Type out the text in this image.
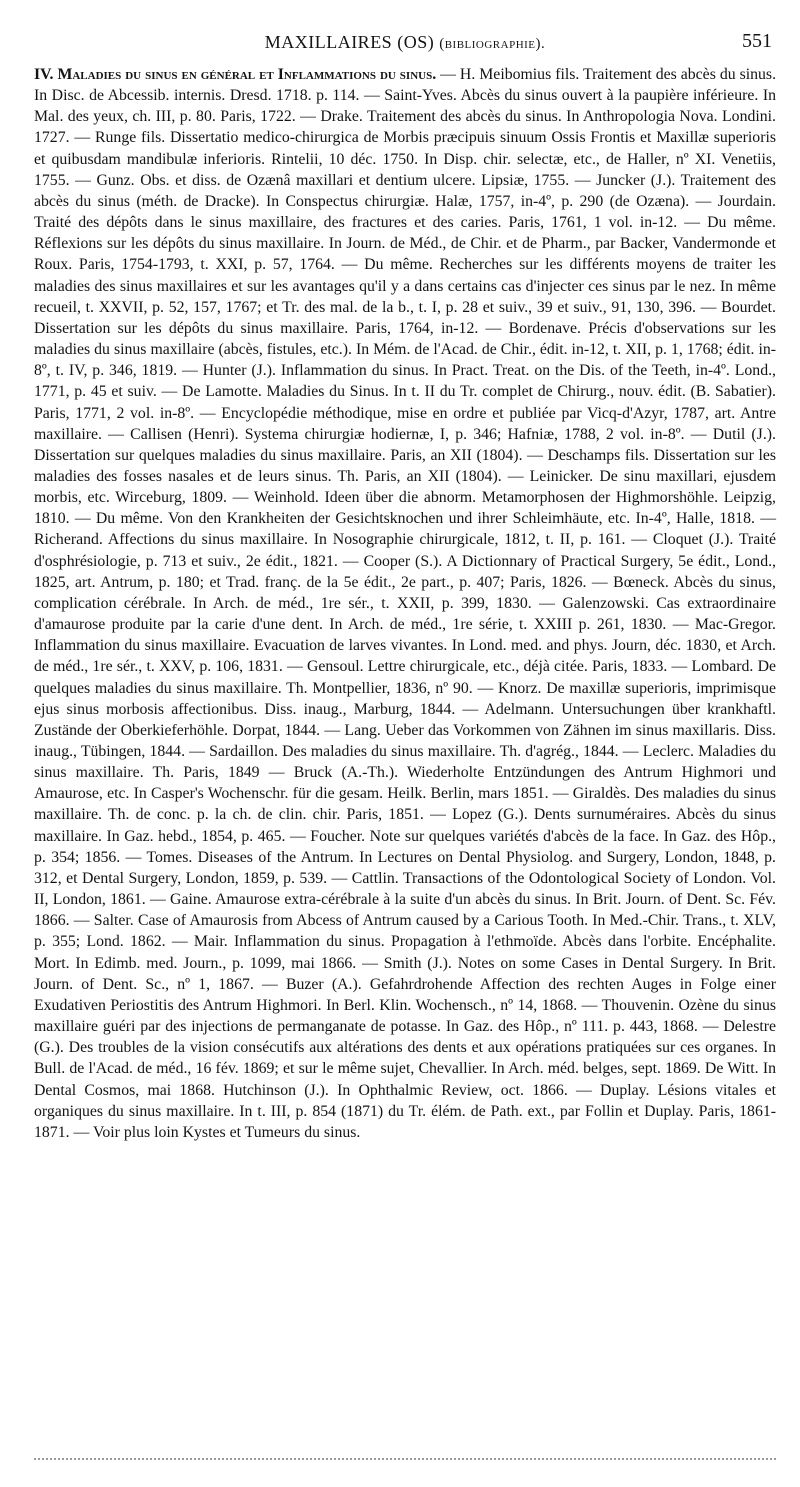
MAXILLAIRES (OS) (bibliographie).	551
IV. Maladies du sinus en général et Inflammations du sinus. — H. Meibomius fils. Traitement des abcès du sinus. In Disc. de Abcessib. internis. Dresd. 1718. p. 114. — Saint-Yves. Abcès du sinus ouvert à la paupière inférieure. In Mal. des yeux, ch. III, p. 80. Paris, 1722. — Drake. Traitement des abcès du sinus. In Anthropologia Nova. Londini. 1727. — Runge fils. Dissertatio medico-chirurgica de Morbis præcipuis sinuum Ossis Frontis et Maxillæ superioris et quibusdam mandibulæ inferioris. Rintelii, 10 déc. 1750. In Disp. chir. selectæ, etc., de Haller, nº XI. Venetiis, 1755. — Gunz. Obs. et diss. de Ozænâ maxillari et dentium ulcere. Lipsiæ, 1755. — Juncker (J.). Traitement des abcès du sinus (méth. de Dracke). In Conspectus chirurgiæ. Halæ, 1757, in-4º, p. 290 (de Ozæna). — Jourdain. Traité des dépôts dans le sinus maxillaire, des fractures et des caries. Paris, 1761, 1 vol. in-12. — Du même. Réflexions sur les dépôts du sinus maxillaire. In Journ. de Méd., de Chir. et de Pharm., par Backer, Vandermonde et Roux. Paris, 1754-1793, t. XXI, p. 57, 1764. — Du même. Recherches sur les différents moyens de traiter les maladies des sinus maxillaires et sur les avantages qu'il y a dans certains cas d'injecter ces sinus par le nez. In même recueil, t. XXVII, p. 52, 157, 1767; et Tr. des mal. de la b., t. I, p. 28 et suiv., 39 et suiv., 91, 130, 396. — Bourdet. Dissertation sur les dépôts du sinus maxillaire. Paris, 1764, in-12. — Bordenave. Précis d'observations sur les maladies du sinus maxillaire (abcès, fistules, etc.). In Mém. de l'Acad. de Chir., édit. in-12, t. XII, p. 1, 1768; édit. in-8º, t. IV, p. 346, 1819. — Hunter (J.). Inflammation du sinus. In Pract. Treat. on the Dis. of the Teeth, in-4º. Lond., 1771, p. 45 et suiv. — De Lamotte. Maladies du Sinus. In t. II du Tr. complet de Chirurg., nouv. édit. (B. Sabatier). Paris, 1771, 2 vol. in-8º. — Encyclopédie méthodique, mise en ordre et publiée par Vicq-d'Azyr, 1787, art. Antre maxillaire. — Callisen (Henri). Systema chirurgiæ hodiernæ, I, p. 346; Hafniæ, 1788, 2 vol. in-8º. — Dutil (J.). Dissertation sur quelques maladies du sinus maxillaire. Paris, an XII (1804). — Deschamps fils. Dissertation sur les maladies des fosses nasales et de leurs sinus. Th. Paris, an XII (1804). — Leinicker. De sinu maxillari, ejusdem morbis, etc. Wirceburg, 1809. — Weinhold. Ideen über die abnorm. Metamorphosen der Highmorshöhle. Leipzig, 1810. — Du même. Von den Krankheiten der Gesichtsknochen und ihrer Schleimhäute, etc. In-4º, Halle, 1818. — Richerand. Affections du sinus maxillaire. In Nosographie chirurgicale, 1812, t. II, p. 161. — Cloquet (J.). Traité d'osphrésiologie, p. 713 et suiv., 2e édit., 1821. — Cooper (S.). A Dictionnary of Practical Surgery, 5e édit., Lond., 1825, art. Antrum, p. 180; et Trad. franç. de la 5e édit., 2e part., p. 407; Paris, 1826. — Bœneck. Abcès du sinus, complication cérébrale. In Arch. de méd., 1re sér., t. XXII, p. 399, 1830. — Galenzowski. Cas extraordinaire d'amaurose produite par la carie d'une dent. In Arch. de méd., 1re série, t. XXIII p. 261, 1830. — Mac-Gregor. Inflammation du sinus maxillaire. Evacuation de larves vivantes. In Lond. med. and phys. Journ, déc. 1830, et Arch. de méd., 1re sér., t. XXV, p. 106, 1831. — Gensoul. Lettre chirurgicale, etc., déjà citée. Paris, 1833. — Lombard. De quelques maladies du sinus maxillaire. Th. Montpellier, 1836, nº 90. — Knorz. De maxillæ superioris, imprimisque ejus sinus morbosis affectionibus. Diss. inaug., Marburg, 1844. — Adelmann. Untersuchungen über krankhaftl. Zustände der Oberkieferhöhle. Dorpat, 1844. — Lang. Ueber das Vorkommen von Zähnen im sinus maxillaris. Diss. inaug., Tübingen, 1844. — Sardaillon. Des maladies du sinus maxillaire. Th. d'agrég., 1844. — Leclerc. Maladies du sinus maxillaire. Th. Paris, 1849 — Bruck (A.-Th.). Wiederholte Entzündungen des Antrum Highmori und Amaurose, etc. In Casper's Wochenschr. für die gesam. Heilk. Berlin, mars 1851. — Giraldès. Des maladies du sinus maxillaire. Th. de conc. p. la ch. de clin. chir. Paris, 1851. — Lopez (G.). Dents surnuméraires. Abcès du sinus maxillaire. In Gaz. hebd., 1854, p. 465. — Foucher. Note sur quelques variétés d'abcès de la face. In Gaz. des Hôp., p. 354; 1856. — Tomes. Diseases of the Antrum. In Lectures on Dental Physiolog. and Surgery, London, 1848, p. 312, et Dental Surgery, London, 1859, p. 539. — Cattlin. Transactions of the Odontological Society of London. Vol. II, London, 1861. — Gaine. Amaurose extra-cérébrale à la suite d'un abcès du sinus. In Brit. Journ. of Dent. Sc. Fév. 1866. — Salter. Case of Amaurosis from Abcess of Antrum caused by a Carious Tooth. In Med.-Chir. Trans., t. XLV, p. 355; Lond. 1862. — Mair. Inflammation du sinus. Propagation à l'ethmoïde. Abcès dans l'orbite. Encéphalite. Mort. In Edimb. med. Journ., p. 1099, mai 1866. — Smith (J.). Notes on some Cases in Dental Surgery. In Brit. Journ. of Dent. Sc., nº 1, 1867. — Buzer (A.). Gefahrdrohende Affection des rechten Auges in Folge einer Exudativen Periostitis des Antrum Highmori. In Berl. Klin. Wochensch., nº 14, 1868. — Thouvenin. Ozène du sinus maxillaire guéri par des injections de permanganate de potasse. In Gaz. des Hôp., nº 111. p. 443, 1868. — Delestre (G.). Des troubles de la vision consécutifs aux altérations des dents et aux opérations pratiquées sur ces organes. In Bull. de l'Acad. de méd., 16 fév. 1869; et sur le même sujet, Chevallier. In Arch. méd. belges, sept. 1869. De Witt. In Dental Cosmos, mai 1868. Hutchinson (J.). In Ophthalmic Review, oct. 1866. — Duplay. Lésions vitales et organiques du sinus maxillaire. In t. III, p. 854 (1871) du Tr. élém. de Path. ext., par Follin et Duplay. Paris, 1861-1871. — Voir plus loin Kystes et Tumeurs du sinus.
